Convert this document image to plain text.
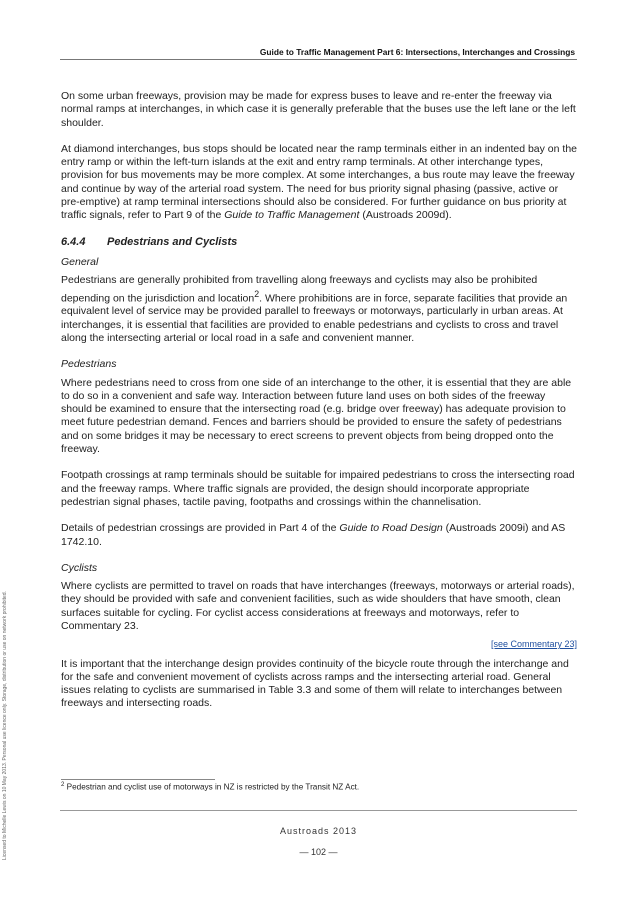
Guide to Traffic Management Part 6: Intersections, Interchanges and Crossings

On some urban freeways, provision may be made for express buses to leave and re-enter the freeway via normal ramps at interchanges, in which case it is generally preferable that the buses use the left lane or the left shoulder.

At diamond interchanges, bus stops should be located near the ramp terminals either in an indented bay on the entry ramp or within the left-turn islands at the exit and entry ramp terminals. At other interchange types, provision for bus movements may be more complex. At some interchanges, a bus route may leave the freeway and continue by way of the arterial road system. The need for bus priority signal phasing (passive, active or pre-emptive) at ramp terminal intersections should also be considered. For further guidance on bus priority at traffic signals, refer to Part 9 of the Guide to Traffic Management (Austroads 2009d).

6.4.4 Pedestrians and Cyclists
General

Pedestrians are generally prohibited from travelling along freeways and cyclists may also be prohibited depending on the jurisdiction and location$^2$. Where prohibitions are in force, separate facilities that provide an equivalent level of service may be provided parallel to freeways or motorways, particularly in urban areas. At interchanges, it is essential that facilities are provided to enable pedestrians and cyclists to cross and travel along the intersecting arterial or local road in a safe and convenient manner.

Pedestrians

Where pedestrians need to cross from one side of an interchange to the other, it is essential that they are able to do so in a convenient and safe way. Interaction between future land uses on both sides of the freeway should be examined to ensure that the intersecting road (e.g. bridge over freeway) has adequate provision to meet future pedestrian demand. Fences and barriers should be provided to ensure the safety of pedestrians and on some bridges it may be necessary to erect screens to prevent objects from being dropped onto the freeway.

Footpath crossings at ramp terminals should be suitable for impaired pedestrians to cross the intersecting road and the freeway ramps. Where traffic signals are provided, the design should incorporate appropriate pedestrian signal phases, tactile paving, footpaths and crossings within the channelisation.

Details of pedestrian crossings are provided in Part 4 of the Guide to Road Design (Austroads 2009i) and AS 1742.10.

Cyclists

Where cyclists are permitted to travel on roads that have interchanges (freeways, motorways or arterial roads), they should be provided with safe and convenient facilities, such as wide shoulders that have smooth, clean surfaces suitable for cycling. For cyclist access considerations at freeways and motorways, refer to Commentary 23.

[see Commentary 23]

It is important that the interchange design provides continuity of the bicycle route through the interchange and for the safe and convenient movement of cyclists across ramps and the intersecting arterial road. General issues relating to cyclists are summarised in Table 3.3 and some of them will relate to interchanges between freeways and intersecting roads.

$^2$ Pedestrian and cyclist use of motorways in NZ is restricted by the Transit NZ Act.
Austroads 2013
— 102 —
Licensed to Michelle Lewis on 10 May 2013. Personal use licence only. Storage, distribution or use on network prohibited.
